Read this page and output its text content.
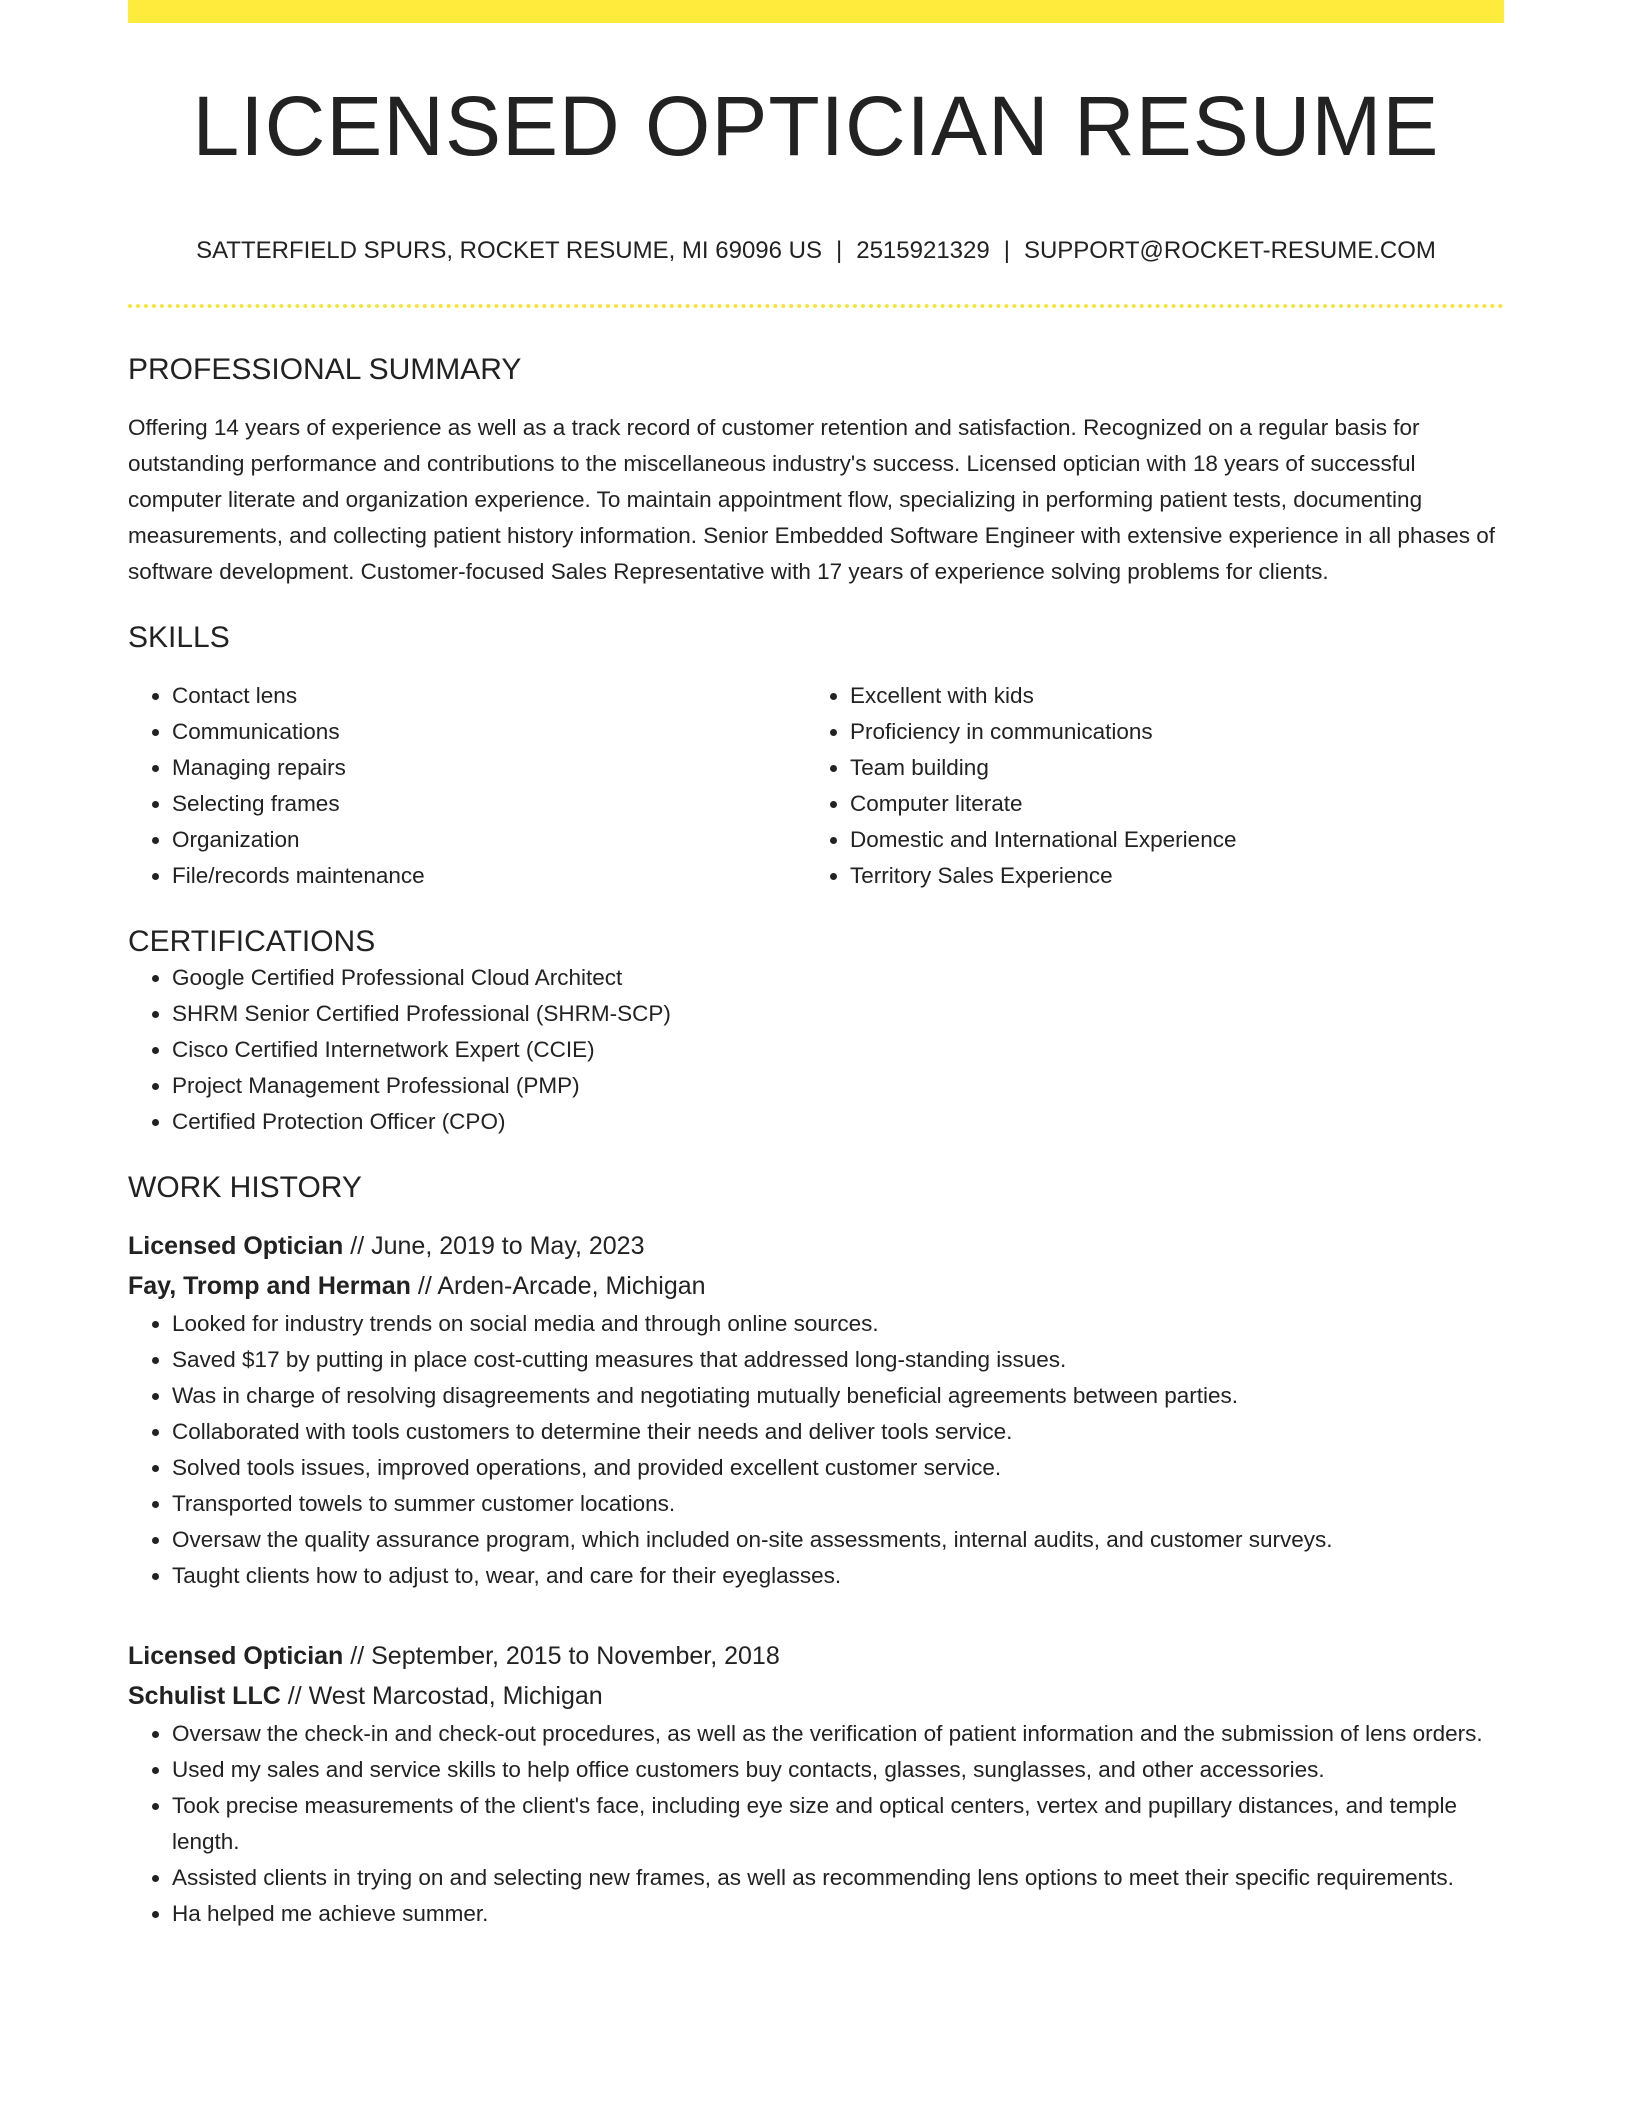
LICENSED OPTICIAN RESUME
SATTERFIELD SPURS, ROCKET RESUME, MI 69096 US | 2515921329 | SUPPORT@ROCKET-RESUME.COM
PROFESSIONAL SUMMARY
Offering 14 years of experience as well as a track record of customer retention and satisfaction. Recognized on a regular basis for outstanding performance and contributions to the miscellaneous industry's success. Licensed optician with 18 years of successful computer literate and organization experience. To maintain appointment flow, specializing in performing patient tests, documenting measurements, and collecting patient history information. Senior Embedded Software Engineer with extensive experience in all phases of software development. Customer-focused Sales Representative with 17 years of experience solving problems for clients.
SKILLS
• Contact lens
• Communications
• Managing repairs
• Selecting frames
• Organization
• File/records maintenance
• Excellent with kids
• Proficiency in communications
• Team building
• Computer literate
• Domestic and International Experience
• Territory Sales Experience
CERTIFICATIONS
• Google Certified Professional Cloud Architect
• SHRM Senior Certified Professional (SHRM-SCP)
• Cisco Certified Internetwork Expert (CCIE)
• Project Management Professional (PMP)
• Certified Protection Officer (CPO)
WORK HISTORY
Licensed Optician // June, 2019 to May, 2023
Fay, Tromp and Herman // Arden-Arcade, Michigan
• Looked for industry trends on social media and through online sources.
• Saved $17 by putting in place cost-cutting measures that addressed long-standing issues.
• Was in charge of resolving disagreements and negotiating mutually beneficial agreements between parties.
• Collaborated with tools customers to determine their needs and deliver tools service.
• Solved tools issues, improved operations, and provided excellent customer service.
• Transported towels to summer customer locations.
• Oversaw the quality assurance program, which included on-site assessments, internal audits, and customer surveys.
• Taught clients how to adjust to, wear, and care for their eyeglasses.
Licensed Optician // September, 2015 to November, 2018
Schulist LLC // West Marcostad, Michigan
• Oversaw the check-in and check-out procedures, as well as the verification of patient information and the submission of lens orders.
• Used my sales and service skills to help office customers buy contacts, glasses, sunglasses, and other accessories.
• Took precise measurements of the client's face, including eye size and optical centers, vertex and pupillary distances, and temple length.
• Assisted clients in trying on and selecting new frames, as well as recommending lens options to meet their specific requirements.
• Ha helped me achieve summer.
